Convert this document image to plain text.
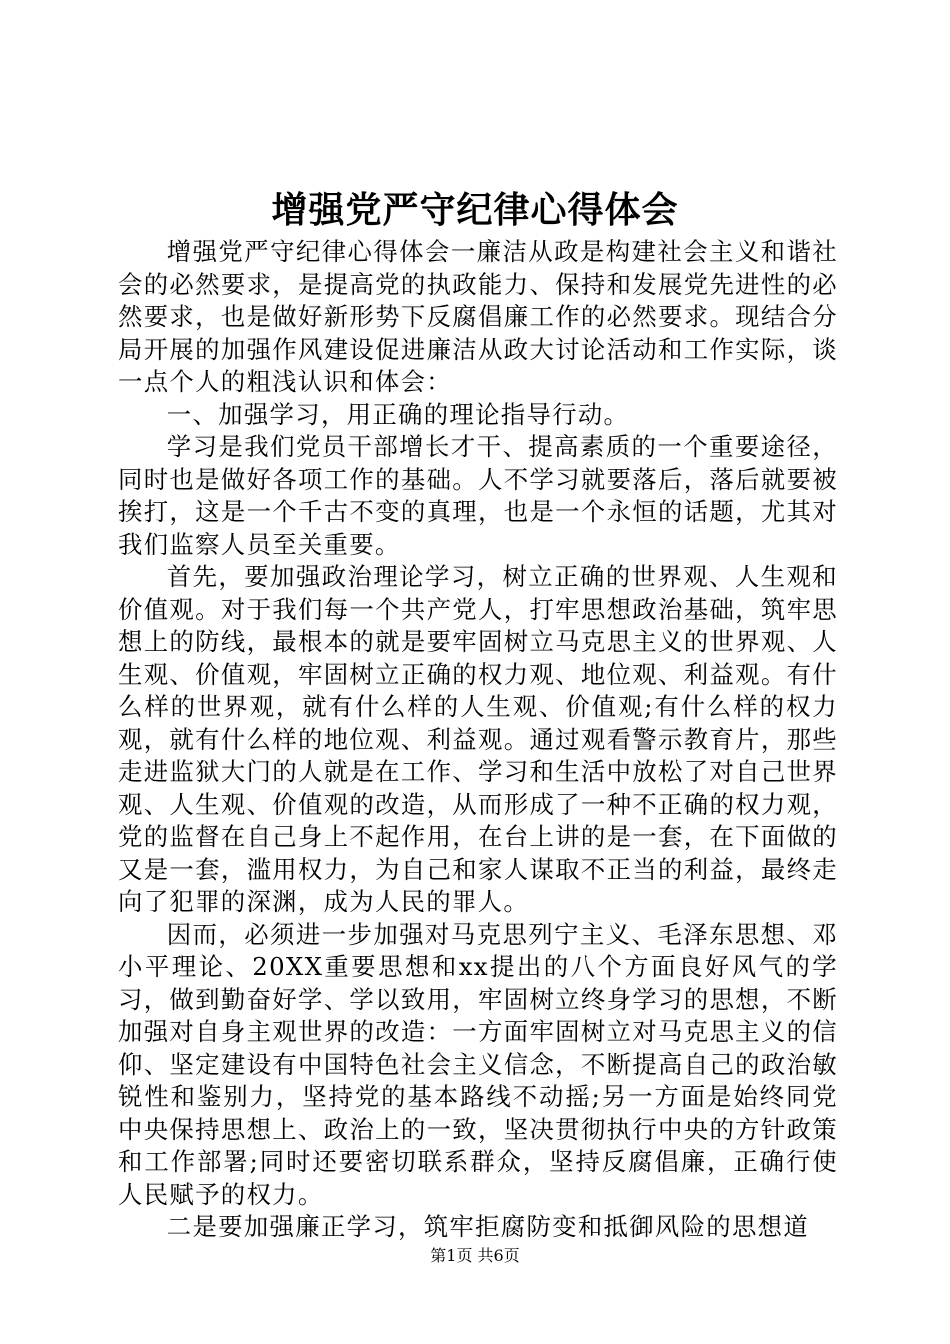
增强党严守纪律心得体会

增强党严守纪律心得体会一廉洁从政是构建社会主义和谐社会的必然要求，是提高党的执政能力、保持和发展党先进性的必然要求，也是做好新形势下反腐倡廉工作的必然要求。现结合分局开展的加强作风建设促进廉洁从政大讨论活动和工作实际，谈一点个人的粗浅认识和体会：

一、加强学习，用正确的理论指导行动。

学习是我们党员干部增长才干、提高素质的一个重要途径，同时也是做好各项工作的基础。人不学习就要落后，落后就要被挨打，这是一个千古不变的真理，也是一个永恒的话题，尤其对我们监察人员至关重要。

首先，要加强政治理论学习，树立正确的世界观、人生观和价值观。对于我们每一个共产党人，打牢思想政治基础，筑牢思想上的防线，最根本的就是要牢固树立马克思主义的世界观、人生观、价值观，牢固树立正确的权力观、地位观、利益观。有什么样的世界观，就有什么样的人生观、价值观;有什么样的权力观，就有什么样的地位观、利益观。通过观看警示教育片，那些走进监狱大门的人就是在工作、学习和生活中放松了对自己世界观、人生观、价值观的改造，从而形成了一种不正确的权力观，党的监督在自己身上不起作用，在台上讲的是一套，在下面做的又是一套，滥用权力，为自己和家人谋取不正当的利益，最终走向了犯罪的深渊，成为人民的罪人。

因而，必须进一步加强对马克思列宁主义、毛泽东思想、邓小平理论、20XX重要思想和xx提出的八个方面良好风气的学习，做到勤奋好学、学以致用，牢固树立终身学习的思想，不断加强对自身主观世界的改造：一方面牢固树立对马克思主义的信仰、坚定建设有中国特色社会主义信念，不断提高自己的政治敏锐性和鉴别力，坚持党的基本路线不动摇;另一方面是始终同党中央保持思想上、政治上的一致，坚决贯彻执行中央的方针政策和工作部署;同时还要密切联系群众，坚持反腐倡廉，正确行使人民赋予的权力。

二是要加强廉正学习，筑牢拒腐防变和抵御风险的思想道

第1页 共6页
